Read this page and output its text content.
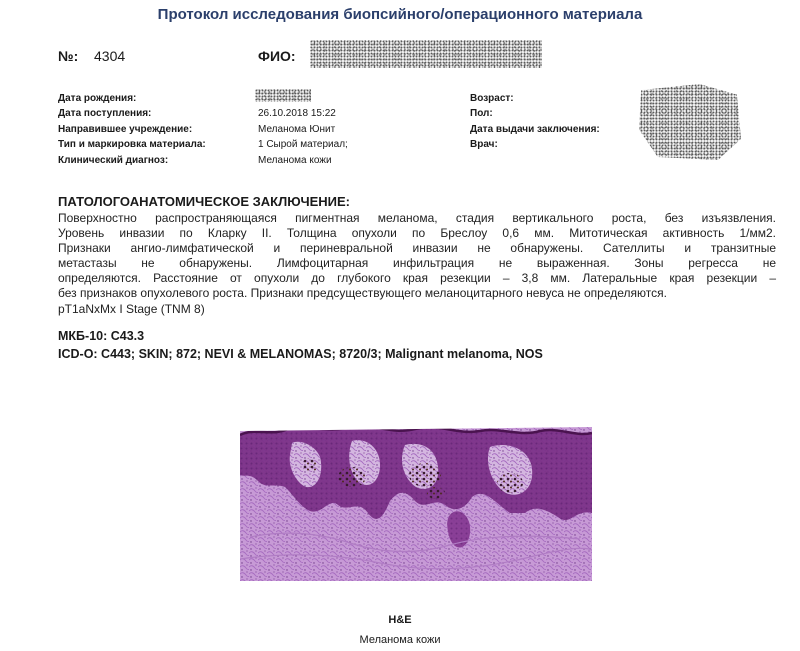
Протокол исследования биопсийного/операционного материала
№: 4304	ФИО:
Дата рождения:
Дата поступления:	26.10.2018 15:22
Направившее учреждение:	Меланома Юнит
Тип и маркировка материала:	1 Сырой материал;
Клинический диагноз:	Меланома кожи
Возраст:
Пол:
Дата выдачи заключения:
Врач:
ПАТОЛОГОАНАТОМИЧЕСКОЕ ЗАКЛЮЧЕНИЕ:
Поверхностно распространяющаяся пигментная меланома, стадия вертикального роста, без изъязвления.
Уровень инвазии по Кларку II. Толщина опухоли по Бреслоу 0,6 мм. Митотическая активность 1/мм2.
Признаки ангио-лимфатической и периневральной инвазии не обнаружены. Сателлиты и транзитные
метастазы не обнаружены. Лимфоцитарная инфильтрация не выраженная. Зоны регресса не
определяются. Расстояние от опухоли до глубокого края резекции – 3,8 мм. Латеральные края резекции –
без признаков опухолевого роста. Признаки предсуществующего меланоцитарного невуса не определяются.
pT1aNxMx I Stage (TNM 8)
МКБ-10: С43.3
ICD-O: C443; SKIN; 872; NEVI & MELANOMAS; 8720/3; Malignant melanoma, NOS
H&E
Меланома кожи
